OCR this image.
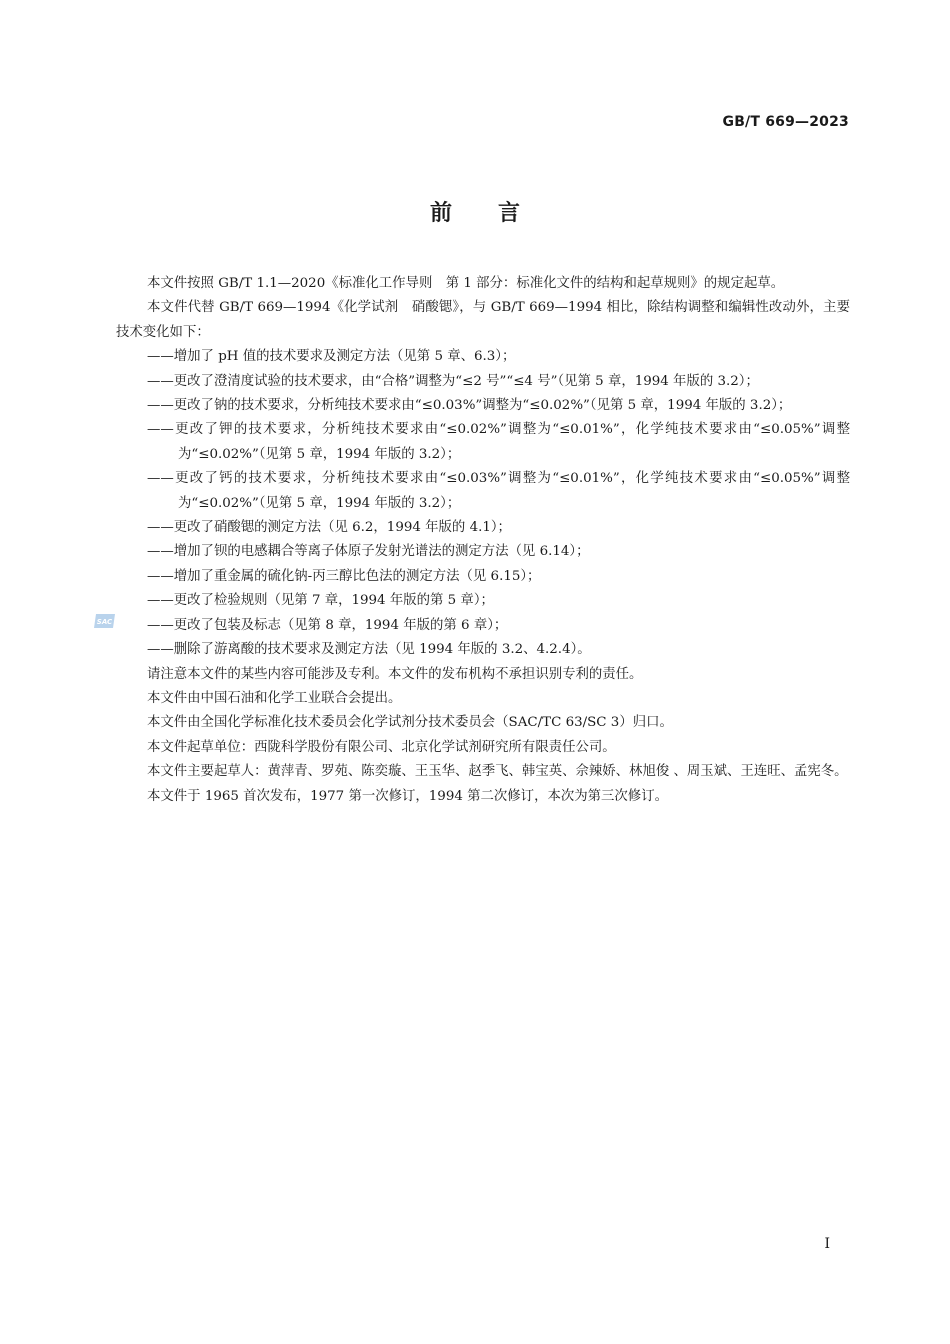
GB/T 669—2023
前言
SAC

本文件按照 GB/T 1.1—2020《标准化工作导则　第 1 部分：标准化文件的结构和起草规则》的规定起草。

本文件代替 GB/T 669—1994《化学试剂　硝酸锶》，与 GB/T 669—1994 相比，除结构调整和编辑性改动外，主要技术变化如下：

——增加了 pH 值的技术要求及测定方法（见第 5 章、6.3）；

——更改了澄清度试验的技术要求，由“合格”调整为“≤2 号”“≤4 号”（见第 5 章，1994 年版的 3.2）；

——更改了钠的技术要求，分析纯技术要求由“≤0.03%”调整为“≤0.02%”（见第 5 章，1994 年版的 3.2）；

——更改了钾的技术要求，分析纯技术要求由“≤0.02%”调整为“≤0.01%”，化学纯技术要求由“≤0.05%”调整为“≤0.02%”（见第 5 章，1994 年版的 3.2）；

——更改了钙的技术要求，分析纯技术要求由“≤0.03%”调整为“≤0.01%”，化学纯技术要求由“≤0.05%”调整为“≤0.02%”（见第 5 章，1994 年版的 3.2）；

——更改了硝酸锶的测定方法（见 6.2，1994 年版的 4.1）；

——增加了钡的电感耦合等离子体原子发射光谱法的测定方法（见 6.14）；

——增加了重金属的硫化钠-丙三醇比色法的测定方法（见 6.15）；

——更改了检验规则（见第 7 章，1994 年版的第 5 章）；

——更改了包装及标志（见第 8 章，1994 年版的第 6 章）；

——删除了游离酸的技术要求及测定方法（见 1994 年版的 3.2、4.2.4）。

请注意本文件的某些内容可能涉及专利。本文件的发布机构不承担识别专利的责任。

本文件由中国石油和化学工业联合会提出。

本文件由全国化学标准化技术委员会化学试剂分技术委员会（SAC/TC 63/SC 3）归口。

本文件起草单位：西陇科学股份有限公司、北京化学试剂研究所有限责任公司。

本文件主要起草人：黄萍青、罗苑、陈奕璇、王玉华、赵季飞、韩宝英、佘辣娇、林旭俊 、周玉斌、王连旺、孟宪冬。

本文件于 1965 首次发布，1977 第一次修订，1994 第二次修订，本次为第三次修订。

I
